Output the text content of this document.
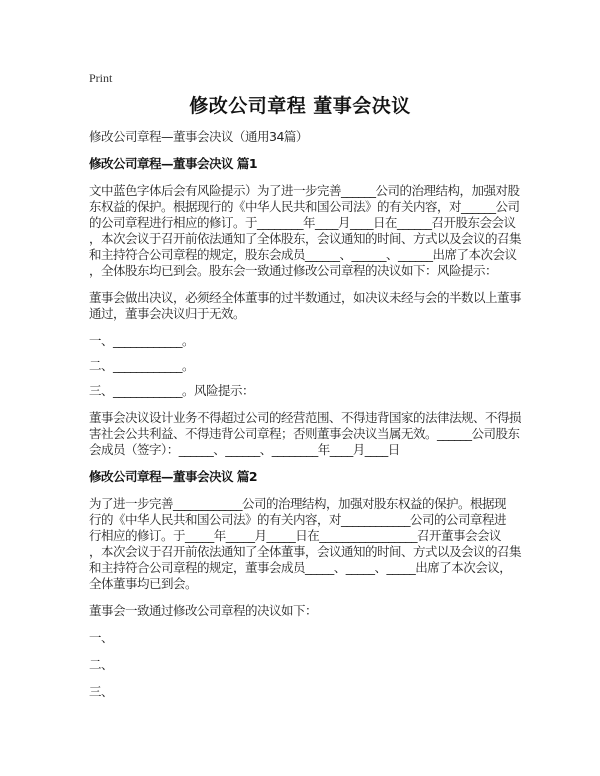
Print
修改公司章程 董事会决议
修改公司章程—董事会决议（通用34篇）
修改公司章程—董事会决议 篇1
文中蓝色字体后会有风险提示）为了进一步完善______公司的治理结构，加强对股
东权益的保护。根据现行的《中华人民共和国公司法》的有关内容，对______公司
的公司章程进行相应的修订。于________年____月____日在______召开股东会会议
，本次会议于召开前依法通知了全体股东，会议通知的时间、方式以及会议的召集
和主持符合公司章程的规定，股东会成员______、______、______出席了本次会议
，全体股东均已到会。股东会一致通过修改公司章程的决议如下：风险提示：
董事会做出决议，必须经全体董事的过半数通过，如决议未经与会的半数以上董事
通过，董事会决议归于无效。
一、____________。
二、____________。
三、____________。风险提示：
董事会决议设计业务不得超过公司的经营范围、不得违背国家的法律法规、不得损
害社会公共利益、不得违背公司章程；否则董事会决议当属无效。______公司股东
会成员（签字）：______、______、________年____月____日
修改公司章程—董事会决议 篇2
为了进一步完善____________公司的治理结构，加强对股东权益的保护。根据现
行的《中华人民共和国公司法》的有关内容，对____________公司的公司章程进
行相应的修订。于_____年_____月_____日在_________________召开董事会会议
，本次会议于召开前依法通知了全体董事，会议通知的时间、方式以及会议的召集
和主持符合公司章程的规定，董事会成员_____、_____、_____出席了本次会议，
全体董事均已到会。
董事会一致通过修改公司章程的决议如下：
一、
二、
三、
